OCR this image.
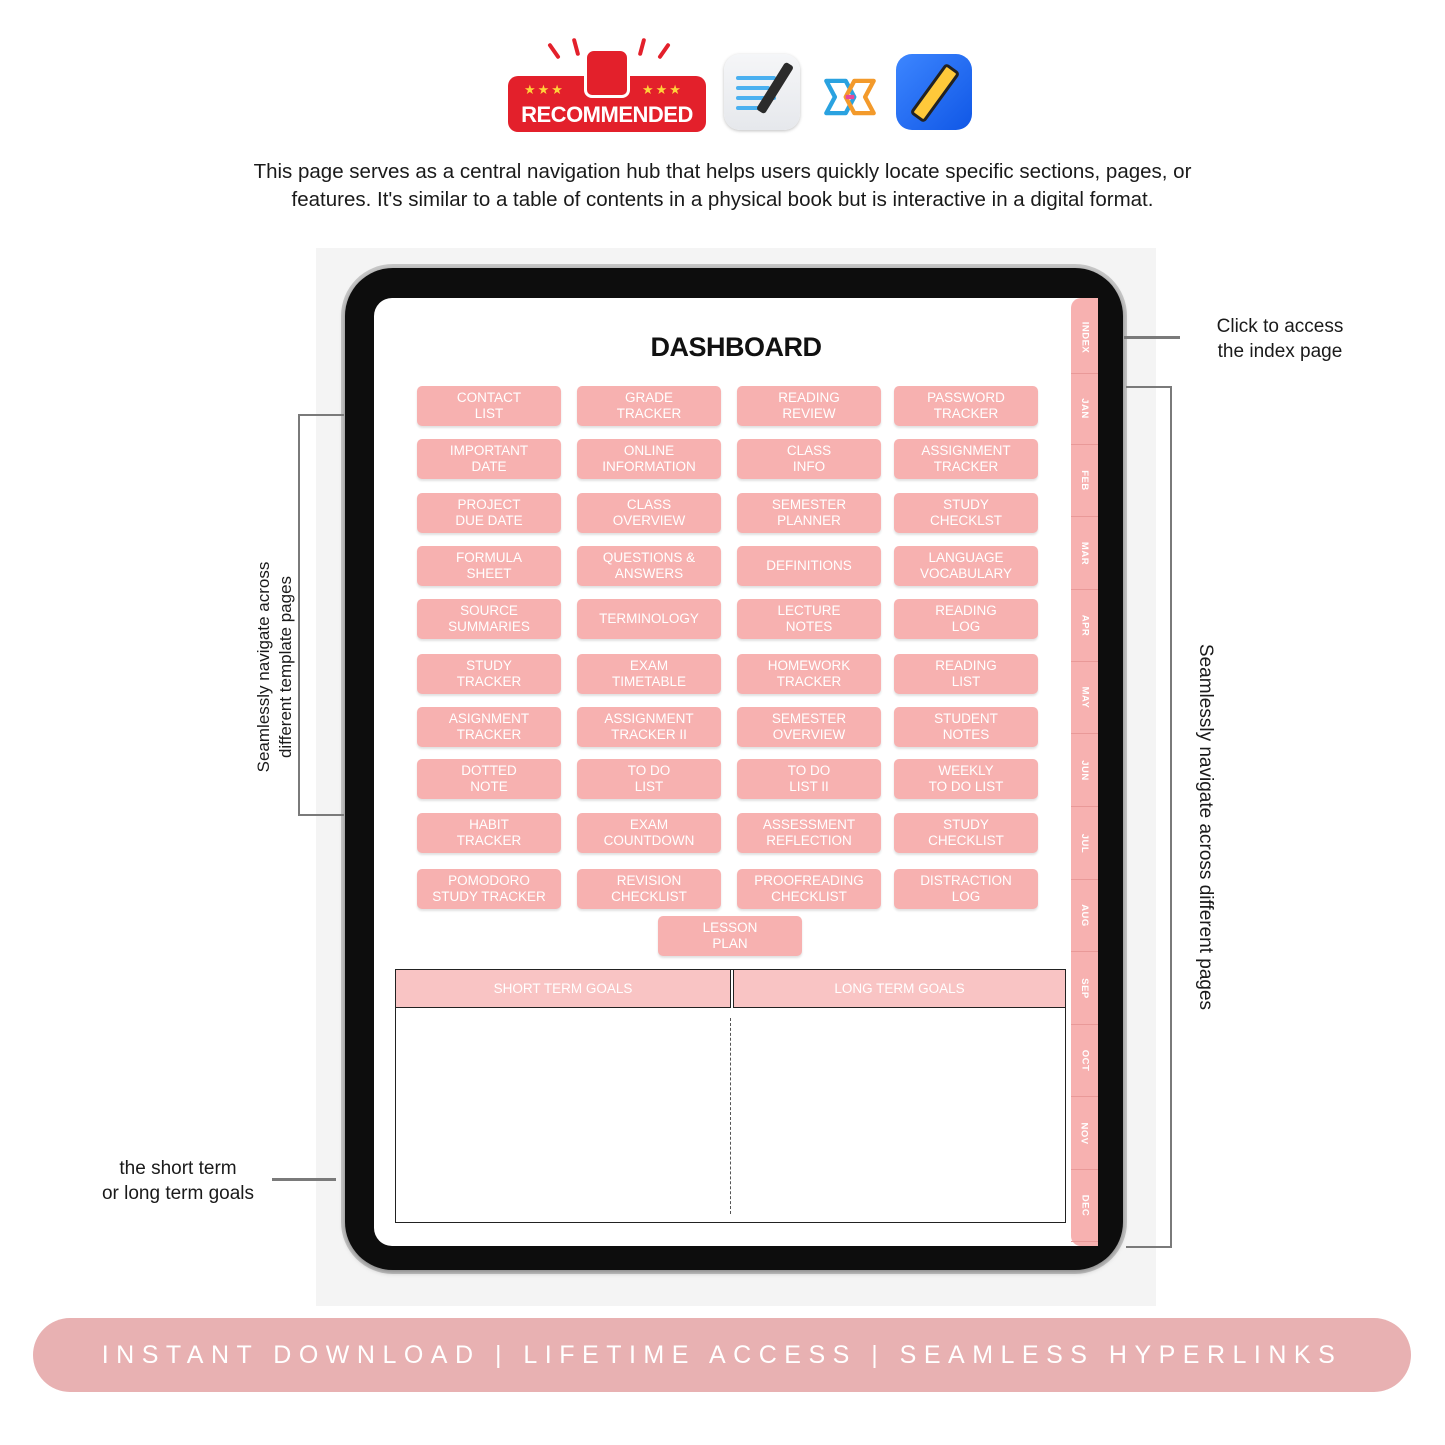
★★★	★★★
RECOMMENDED

This page serves as a central navigation hub that helps users quickly locate specific sections, pages, or features. It's similar to a table of contents in a physical book but is interactive in a digital format.

DASHBOARD
CONTACT
LIST
GRADE
TRACKER
READING
REVIEW
PASSWORD
TRACKER
IMPORTANT
DATE
ONLINE
INFORMATION
CLASS
INFO
ASSIGNMENT
TRACKER
PROJECT
DUE DATE
CLASS
OVERVIEW
SEMESTER
PLANNER
STUDY
CHECKLST
FORMULA
SHEET
QUESTIONS &
ANSWERS
DEFINITIONS
LANGUAGE
VOCABULARY
SOURCE
SUMMARIES
TERMINOLOGY
LECTURE
NOTES
READING
LOG
STUDY
TRACKER
EXAM
TIMETABLE
HOMEWORK
TRACKER
READING
LIST
ASIGNMENT
TRACKER
ASSIGNMENT
TRACKER II
SEMESTER
OVERVIEW
STUDENT
NOTES
DOTTED
NOTE
TO DO
LIST
TO DO
LIST II
WEEKLY
TO DO LIST
HABIT
TRACKER
EXAM
COUNTDOWN
ASSESSMENT
REFLECTION
STUDY
CHECKLIST
POMODORO
STUDY TRACKER
REVISION
CHECKLIST
PROOFREADING
CHECKLIST
DISTRACTION
LOG
LESSON
PLAN
SHORT TERM GOALS	LONG TERM GOALS
INDEX
JAN
FEB
MAR
APR
MAY
JUN
JUL
AUG
SEP
OCT
NOV
DEC
Click to access
the index page
Seamlessly navigate across different pages
Seamlessly navigate across
different template pages
the short term
or long term goals
INSTANT DOWNLOAD | LIFETIME ACCESS | SEAMLESS HYPERLINKS
